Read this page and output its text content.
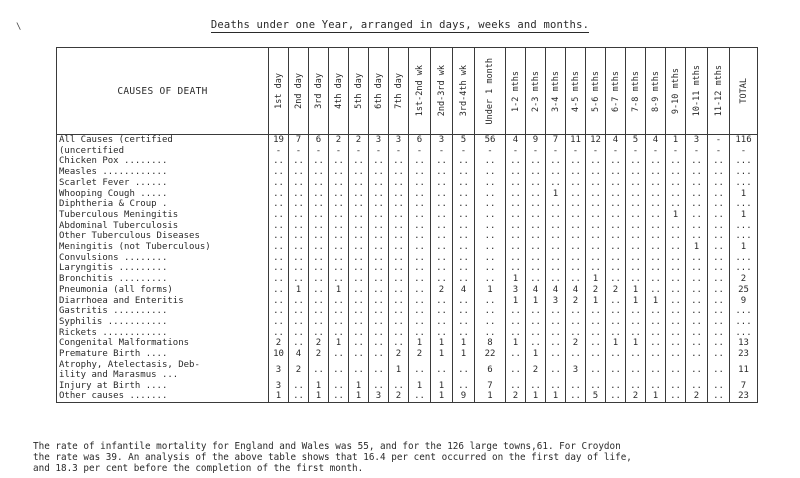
\	Deaths under one Year, arranged in days, weeks and months.
CAUSES OF DEATH	1st day	2nd day	3rd day	4th day	5th day	6th day	7th day	1st-2nd wk	2nd-3rd wk	3rd-4th wk	Under 1 month	1-2 mths	2-3 mths	3-4 mths	4-5 mths	5-6 mths	6-7 mths	7-8 mths	8-9 mths	9-10 mths	10-11 mths	11-12 mths	TOTAL

All Causes (certified	19	7	6	2	2	3	3	6	3	5	56	4	9	7	11	12	4	5	4	1	3	-	116
(uncertified	-	-	-	-	-	-	-	-	-	-	-	-	-	-	-	-	-	-	-	-	-	-	-
Chicken Pox ........	..	..	..	..	..	..	..	..	..	..	..	..	..	..	..	..	..	..	..	..	..	..	...
Measles ............	..	..	..	..	..	..	..	..	..	..	..	..	..	..	..	..	..	..	..	..	..	..	...
Scarlet Fever ......	..	..	..	..	..	..	..	..	..	..	..	..	..	..	..	..	..	..	..	..	..	..	...
Whooping Cough .....	..	..	..	..	..	..	..	..	..	..	..	..	..	1	..	..	..	..	..	..	..	..	1
Diphtheria & Croup .	..	..	..	..	..	..	..	..	..	..	..	..	..	..	..	..	..	..	..	..	..	..	...
Tuberculous Meningitis	..	..	..	..	..	..	..	..	..	..	..	..	..	..	..	..	..	..	..	1	..	..	1
Abdominal Tuberculosis	..	..	..	..	..	..	..	..	..	..	..	..	..	..	..	..	..	..	..	..	..	..	...
Other Tuberculous Diseases	..	..	..	..	..	..	..	..	..	..	..	..	..	..	..	..	..	..	..	..	..	..	...
Meningitis (not Tuberculous)	..	..	..	..	..	..	..	..	..	..	..	..	..	..	..	..	..	..	..	..	1	..	1
Convulsions ........	..	..	..	..	..	..	..	..	..	..	..	..	..	..	..	..	..	..	..	..	..	..	...
Laryngitis .........	..	..	..	..	..	..	..	..	..	..	..	..	..	..	..	..	..	..	..	..	..	..	...
Bronchitis .........	..	..	..	..	..	..	..	..	..	..	..	1	..	..	..	1	..	..	..	..	..	..	2
Pneumonia (all forms)	..	1	..	1	..	..	..	..	2	4	1	3	4	4	4	2	2	1	..	..	..	..	25
Diarrhoea and Enteritis	..	..	..	..	..	..	..	..	..	..	..	1	1	3	2	1	..	1	1	..	..	..	9
Gastritis ..........	..	..	..	..	..	..	..	..	..	..	..	..	..	..	..	..	..	..	..	..	..	..	...
Syphilis ...........	..	..	..	..	..	..	..	..	..	..	..	..	..	..	..	..	..	..	..	..	..	..	...
Rickets ............	..	..	..	..	..	..	..	..	..	..	..	..	..	..	..	..	..	..	..	..	..	..	...
Congenital Malformations	2	..	2	1	..	..	..	1	1	1	8	1	..	..	2	..	1	1	..	..	..	..	13
Premature Birth ....	10	4	2	..	..	..	2	2	1	1	22	..	1	..	..	..	..	..	..	..	..	..	23

Atrophy, Atelectasis, Deb-
ility and Marasmus ...	3	2	..	..	..	..	1	..	..	..	6	..	2	..	3	..	..	..	..	..	..	..	11
Injury at Birth ....	3	..	1	..	1	..	..	1	1	..	7	..	..	..	..	..	..	..	..	..	..	..	7
Other causes .......	1	..	1	..	1	3	2	..	1	9	1	2	1	1	..	5	..	2	1	..	2	..	23
The rate of infantile mortality for England and Wales was 55, and for the 126 large towns,61. For Croydon
the rate was 39. An analysis of the above table shows that 16.4 per cent occurred on the first day of life,
and 18.3 per cent before the completion of the first month.
